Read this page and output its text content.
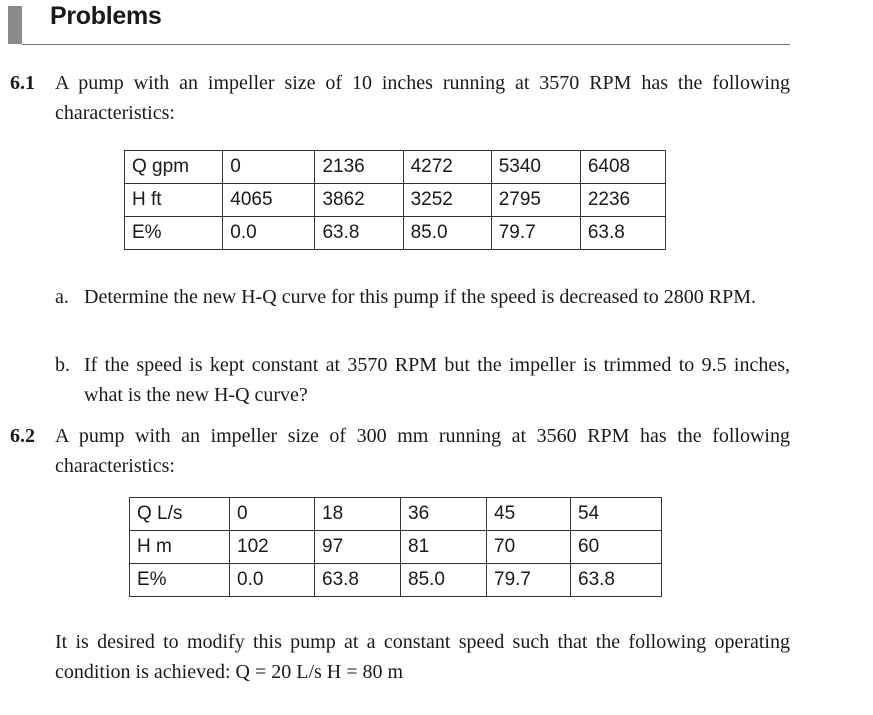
Problems
6.1 A pump with an impeller size of 10 inches running at 3570 RPM has the following characteristics:
Q gpm	0	2136	4272	5340	6408
H ft	4065	3862	3252	2795	2236
E%	0.0	63.8	85.0	79.7	63.8
a. Determine the new H-Q curve for this pump if the speed is decreased to 2800 RPM.
b. If the speed is kept constant at 3570 RPM but the impeller is trimmed to 9.5 inches, what is the new H-Q curve?
6.2 A pump with an impeller size of 300 mm running at 3560 RPM has the following characteristics:
Q L/s	0	18	36	45	54
H m	102	97	81	70	60
E%	0.0	63.8	85.0	79.7	63.8
It is desired to modify this pump at a constant speed such that the following operating condition is achieved: Q = 20 L/s H = 80 m
